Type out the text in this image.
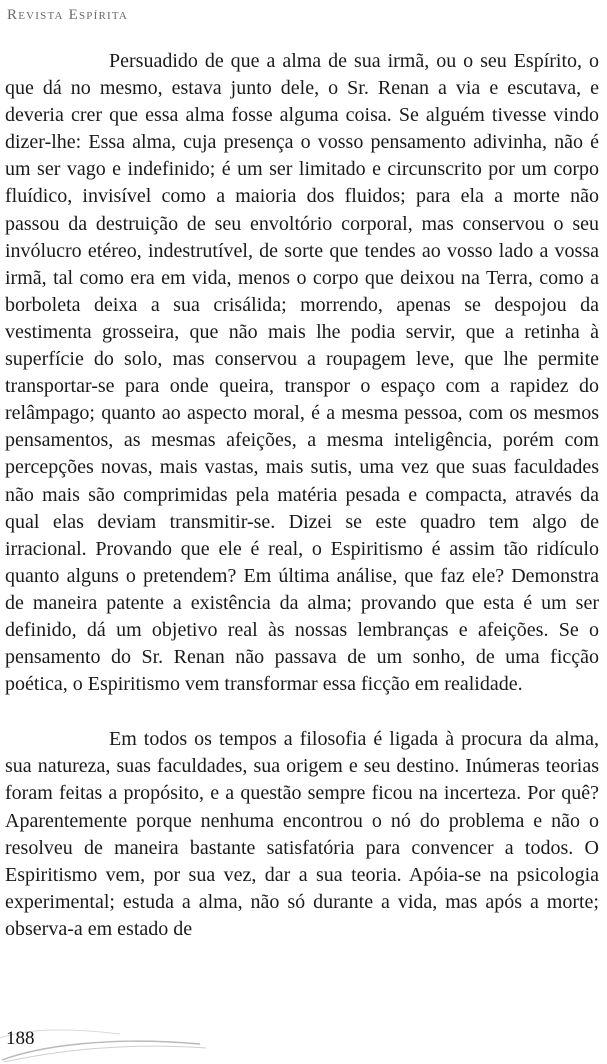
Revista Espírita

Persuadido de que a alma de sua irmã, ou o seu Espírito, o que dá no mesmo, estava junto dele, o Sr. Renan a via e escutava, e deveria crer que essa alma fosse alguma coisa. Se alguém tivesse vindo dizer-lhe: Essa alma, cuja presença o vosso pensamento adivinha, não é um ser vago e indefinido; é um ser limitado e circunscrito por um corpo fluídico, invisível como a maioria dos fluidos; para ela a morte não passou da destruição de seu envoltório corporal, mas conservou o seu invólucro etéreo, indestrutível, de sorte que tendes ao vosso lado a vossa irmã, tal como era em vida, menos o corpo que deixou na Terra, como a borboleta deixa a sua crisálida; morrendo, apenas se despojou da vestimenta grosseira, que não mais lhe podia servir, que a retinha à superfície do solo, mas conservou a roupagem leve, que lhe permite transportar-se para onde queira, transpor o espaço com a rapidez do relâmpago; quanto ao aspecto moral, é a mesma pessoa, com os mesmos pensamentos, as mesmas afeições, a mesma inteligência, porém com percepções novas, mais vastas, mais sutis, uma vez que suas faculdades não mais são comprimidas pela matéria pesada e compacta, através da qual elas deviam transmitir-se. Dizei se este quadro tem algo de irracional. Provando que ele é real, o Espiritismo é assim tão ridículo quanto alguns o pretendem? Em última análise, que faz ele? Demonstra de maneira patente a existência da alma; provando que esta é um ser definido, dá um objetivo real às nossas lembranças e afeições. Se o pensamento do Sr. Renan não passava de um sonho, de uma ficção poética, o Espiritismo vem transformar essa ficção em realidade.

Em todos os tempos a filosofia é ligada à procura da alma, sua natureza, suas faculdades, sua origem e seu destino. Inúmeras teorias foram feitas a propósito, e a questão sempre ficou na incerteza. Por quê? Aparentemente porque nenhuma encontrou o nó do problema e não o resolveu de maneira bastante satisfatória para convencer a todos. O Espiritismo vem, por sua vez, dar a sua teoria. Apóia-se na psicologia experimental; estuda a alma, não só durante a vida, mas após a morte; observa-a em estado de

188
